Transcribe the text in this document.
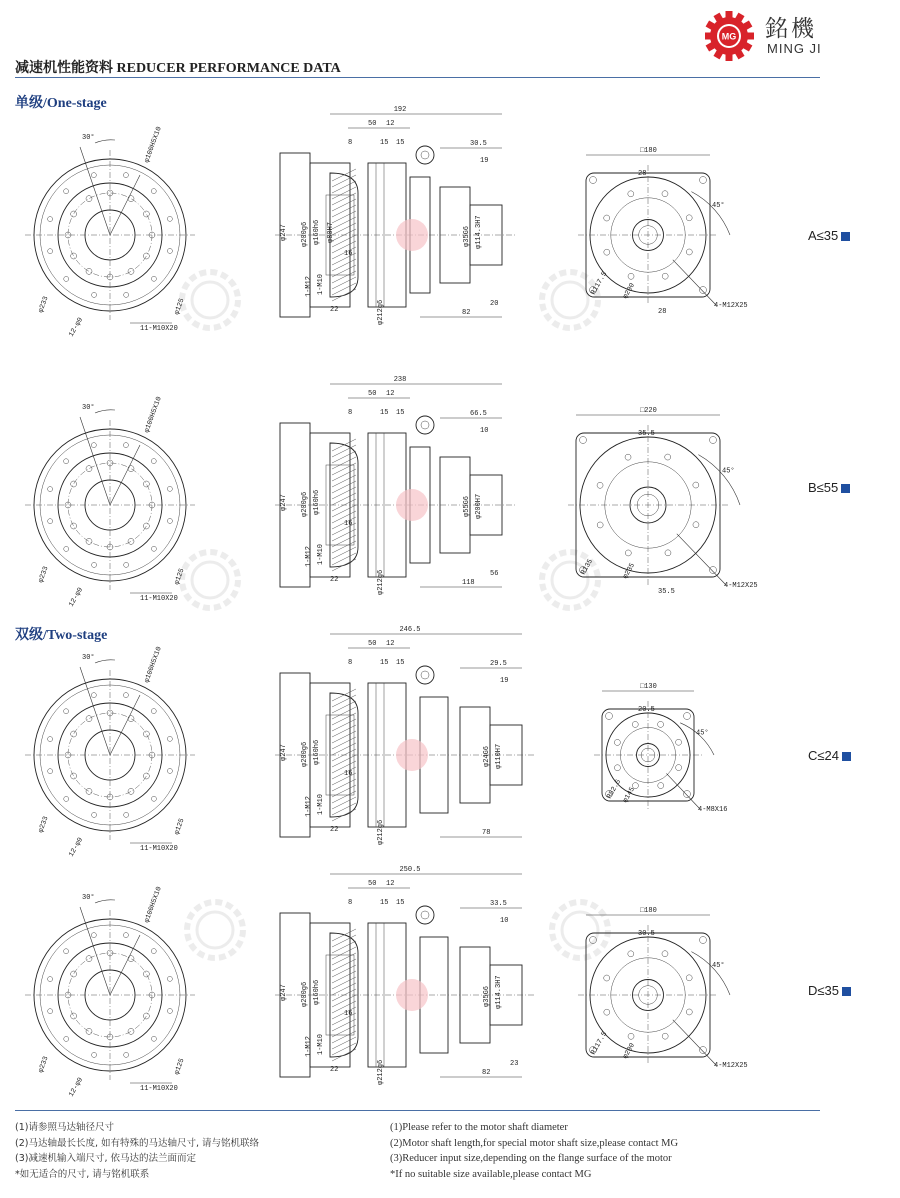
MG 銘機
MING JI
减速机性能资料 REDUCER PERFORMANCE DATA
单级/One-stage
双级/Two-stage
30°	φ100H5X10
φ233	φ125
12-φ9	11-M10X20
192
50 12
8	15 15	30.5
19
φ247 φ200g6 φ160h6 φ80H7
16
1-M12 1-M10
22	φ212g6
φ35G6 φ114.3H7
82
20
□180
28
45°
R117.5 φ200
4-M12X25
28
A≤35
30°	φ100H5X10
φ233	φ125
12-φ9	11-M10X20
238
50 12
8	15 15	66.5
10
φ247 φ200g6 φ160h6
16
1-M12 1-M10
22	φ212g6
φ55G6 φ200H7
118
56
□220
35.5
45°
R135	φ235
4-M12X25
35.5
B≤55
30°	φ100H5X10
φ233	φ125
12-φ9	11-M10X20
246.5
50 12
8	15 15	29.5
19
φ247 φ200g6 φ160h6
16
1-M12 1-M10
22	φ212g6
φ24G6 φ110H7
78
□130
20.5
45°
R82.5
φ145
4-M8X16
C≤24
30°	φ100H5X10
φ233	φ125
12-φ9	11-M10X20
250.5
50 12
8	15 15	33.5
10
φ247 φ200g6 φ160h6
16
1-M12 1-M10
22	φ212g6
φ35G6 φ114.3H7
82
23
□180
30.5
45°
R117.5 φ200
4-M12X25
D≤35
(1)请参照马达轴径尺寸
(2)马达轴最长长度, 如有特殊的马达轴尺寸, 请与铭机联络
(3)减速机输入端尺寸, 依马达的法兰面而定
*如无适合的尺寸, 请与铭机联系
(1)Please refer to the motor shaft diameter
(2)Motor shaft length,for special motor shaft size,please contact MG
(3)Reducer input size,depending on the flange surface of the motor
*If no suitable size available,please contact MG
